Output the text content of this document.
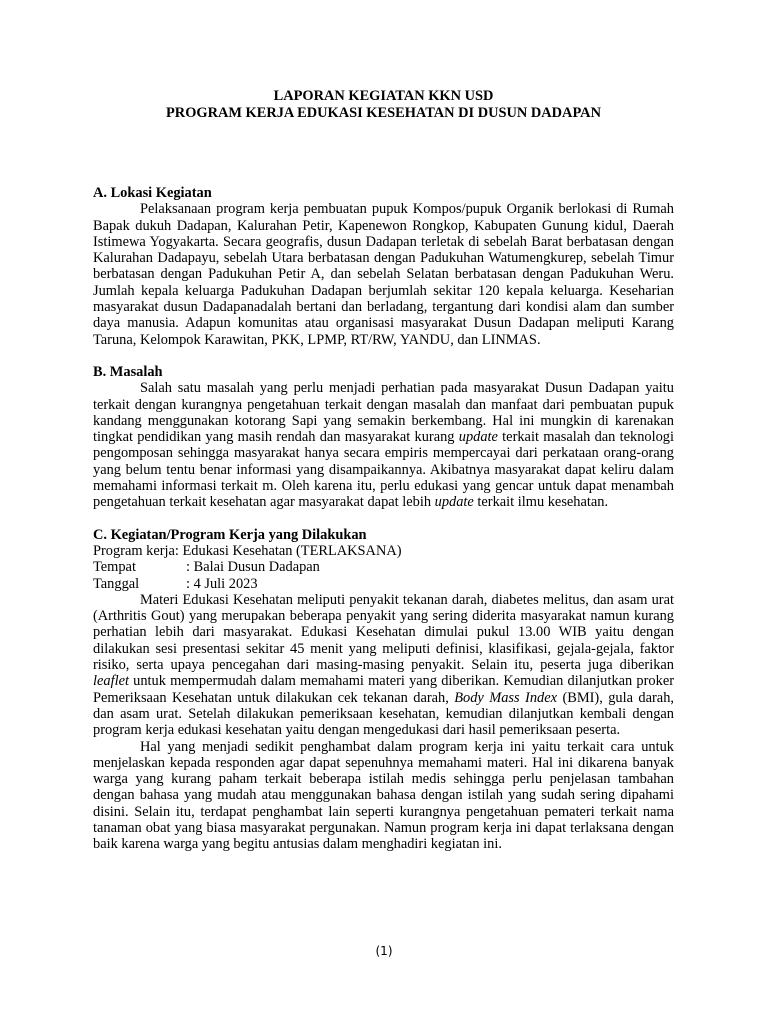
LAPORAN KEGIATAN KKN USD
PROGRAM KERJA EDUKASI KESEHATAN DI DUSUN DADAPAN
A. Lokasi Kegiatan

Pelaksanaan program kerja pembuatan pupuk Kompos/pupuk Organik berlokasi di Rumah Bapak dukuh Dadapan, Kalurahan Petir, Kapenewon Rongkop, Kabupaten Gunung kidul, Daerah Istimewa Yogyakarta. Secara geografis, dusun Dadapan terletak di sebelah Barat berbatasan dengan Kalurahan Dadapayu, sebelah Utara berbatasan dengan Padukuhan Watumengkurep, sebelah Timur berbatasan dengan Padukuhan Petir A, dan sebelah Selatan berbatasan dengan Padukuhan Weru. Jumlah kepala keluarga Padukuhan Dadapan berjumlah sekitar 120 kepala keluarga. Keseharian masyarakat dusun Dadapanadalah bertani dan berladang, tergantung dari kondisi alam dan sumber daya manusia. Adapun komunitas atau organisasi masyarakat Dusun Dadapan meliputi Karang Taruna, Kelompok Karawitan, PKK, LPMP, RT/RW, YANDU, dan LINMAS.

B. Masalah

Salah satu masalah yang perlu menjadi perhatian pada masyarakat Dusun Dadapan yaitu terkait dengan kurangnya pengetahuan terkait dengan masalah dan manfaat dari pembuatan pupuk kandang menggunakan kotorang Sapi yang semakin berkembang. Hal ini mungkin di karenakan tingkat pendidikan yang masih rendah dan masyarakat kurang update terkait masalah dan teknologi pengomposan sehingga masyarakat hanya secara empiris mempercayai dari perkataan orang-orang yang belum tentu benar informasi yang disampaikannya. Akibatnya masyarakat dapat keliru dalam memahami informasi terkait m. Oleh karena itu, perlu edukasi yang gencar untuk dapat menambah pengetahuan terkait kesehatan agar masyarakat dapat lebih update terkait ilmu kesehatan.

C. Kegiatan/Program Kerja yang Dilakukan
Program kerja : Edukasi Kesehatan (TERLAKSANA)
Tempat	: Balai Dusun Dadapan
Tanggal	: 4 Juli 2023

Materi Edukasi Kesehatan meliputi penyakit tekanan darah, diabetes melitus, dan asam urat (Arthritis Gout) yang merupakan beberapa penyakit yang sering diderita masyarakat namun kurang perhatian lebih dari masyarakat. Edukasi Kesehatan dimulai pukul 13.00 WIB yaitu dengan dilakukan sesi presentasi sekitar 45 menit yang meliputi definisi, klasifikasi, gejala-gejala, faktor risiko, serta upaya pencegahan dari masing-masing penyakit. Selain itu, peserta juga diberikan leaflet untuk mempermudah dalam memahami materi yang diberikan. Kemudian dilanjutkan proker Pemeriksaan Kesehatan untuk dilakukan cek tekanan darah, Body Mass Index (BMI), gula darah, dan asam urat. Setelah dilakukan pemeriksaan kesehatan, kemudian dilanjutkan kembali dengan program kerja edukasi kesehatan yaitu dengan mengedukasi dari hasil pemeriksaan peserta.

Hal yang menjadi sedikit penghambat dalam program kerja ini yaitu terkait cara untuk menjelaskan kepada responden agar dapat sepenuhnya memahami materi. Hal ini dikarena banyak warga yang kurang paham terkait beberapa istilah medis sehingga perlu penjelasan tambahan dengan bahasa yang mudah atau menggunakan bahasa dengan istilah yang sudah sering dipahami disini. Selain itu, terdapat penghambat lain seperti kurangnya pengetahuan pemateri terkait nama tanaman obat yang biasa masyarakat pergunakan. Namun program kerja ini dapat terlaksana dengan baik karena warga yang begitu antusias dalam menghadiri kegiatan ini.

(1)
